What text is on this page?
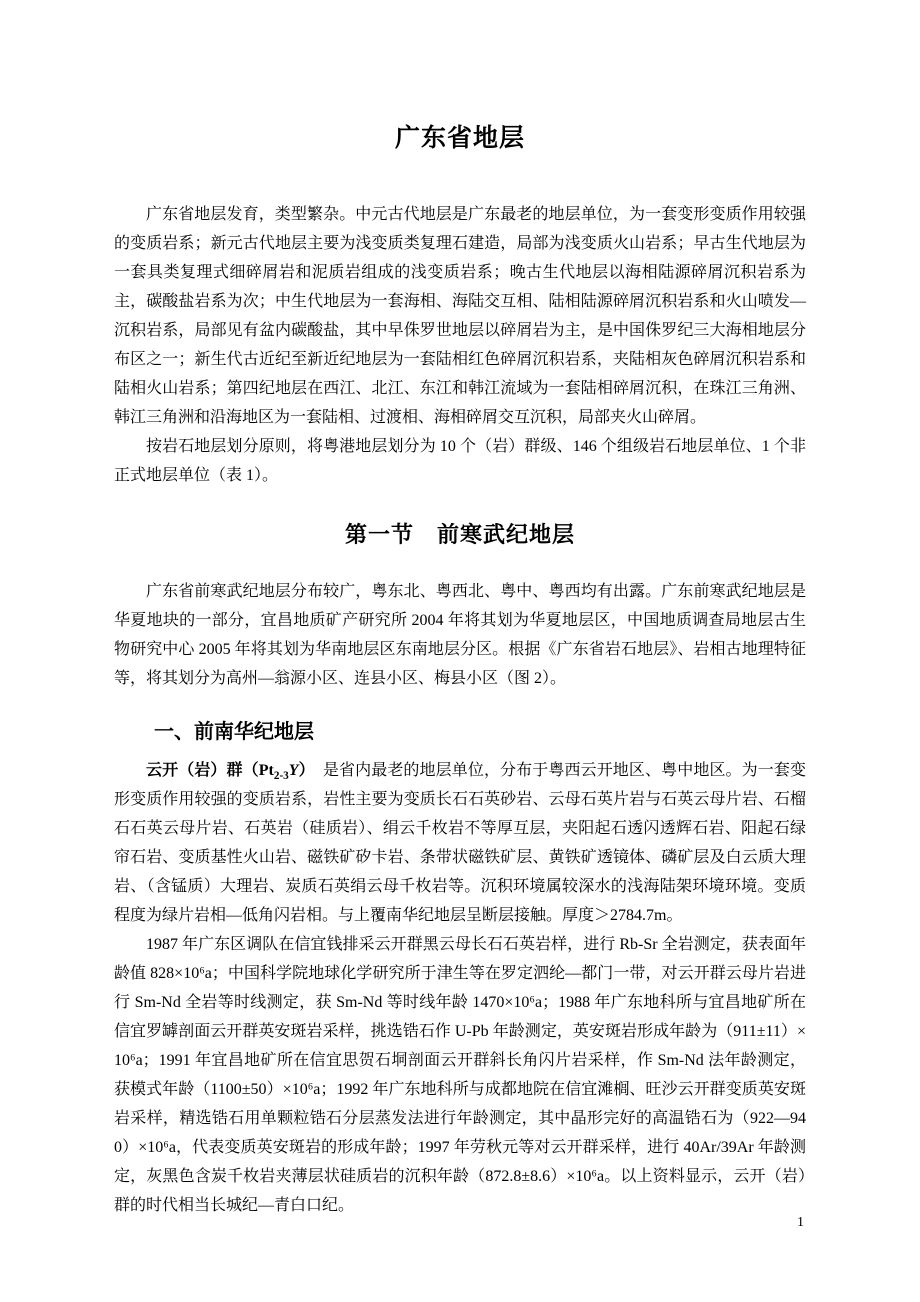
广东省地层

广东省地层发育，类型繁杂。中元古代地层是广东最老的地层单位，为一套变形变质作用较强的变质岩系；新元古代地层主要为浅变质类复理石建造，局部为浅变质火山岩系；早古生代地层为一套具类复理式细碎屑岩和泥质岩组成的浅变质岩系；晚古生代地层以海相陆源碎屑沉积岩系为主，碳酸盐岩系为次；中生代地层为一套海相、海陆交互相、陆相陆源碎屑沉积岩系和火山喷发—沉积岩系，局部见有盆内碳酸盐，其中早侏罗世地层以碎屑岩为主，是中国侏罗纪三大海相地层分布区之一；新生代古近纪至新近纪地层为一套陆相红色碎屑沉积岩系，夹陆相灰色碎屑沉积岩系和陆相火山岩系；第四纪地层在西江、北江、东江和韩江流域为一套陆相碎屑沉积，在珠江三角洲、韩江三角洲和沿海地区为一套陆相、过渡相、海相碎屑交互沉积，局部夹火山碎屑。

按岩石地层划分原则，将粤港地层划分为 10 个（岩）群级、146 个组级岩石地层单位、1 个非正式地层单位（表 1）。

第一节　前寒武纪地层

广东省前寒武纪地层分布较广，粤东北、粤西北、粤中、粤西均有出露。广东前寒武纪地层是华夏地块的一部分，宜昌地质矿产研究所 2004 年将其划为华夏地层区，中国地质调查局地层古生物研究中心 2005 年将其划为华南地层区东南地层分区。根据《广东省岩石地层》、岩相古地理特征等，将其划分为高州—翁源小区、连县小区、梅县小区（图 2）。

一、前南华纪地层

云开（岩）群$(Pt_{2-3}Y)$　是省内最老的地层单位，分布于粤西云开地区、粤中地区。为一套变形变质作用较强的变质岩系，岩性主要为变质长石石英砂岩、云母石英片岩与石英云母片岩、石榴石石英云母片岩、石英岩（硅质岩）、绢云千枚岩不等厚互层，夹阳起石透闪透辉石岩、阳起石绿帘石岩、变质基性火山岩、磁铁矿矽卡岩、条带状磁铁矿层、黄铁矿透镜体、磷矿层及白云质大理岩、（含锰质）大理岩、炭质石英绢云母千枚岩等。沉积环境属较深水的浅海陆架环境环境。变质程度为绿片岩相—低角闪岩相。与上覆南华纪地层呈断层接触。厚度＞2784.7m。

1987 年广东区调队在信宜钱排采云开群黑云母长石石英岩样，进行 Rb-Sr 全岩测定，获表面年龄值 828×10⁶a；中国科学院地球化学研究所于津生等在罗定泗纶—都门一带，对云开群云母片岩进行 Sm-Nd 全岩等时线测定，获 Sm-Nd 等时线年龄 1470×10⁶a；1988 年广东地科所与宜昌地矿所在信宜罗罅剖面云开群英安斑岩采样，挑选锆石作 U-Pb 年龄测定，英安斑岩形成年龄为（911±11）×10⁶a；1991 年宜昌地矿所在信宜思贺石垌剖面云开群斜长角闪片岩采样，作 Sm-Nd 法年龄测定，获模式年龄（1100±50）×10⁶a；1992 年广东地科所与成都地院在信宜滩榈、旺沙云开群变质英安斑岩采样，精选锆石用单颗粒锆石分层蒸发法进行年龄测定，其中晶形完好的高温锆石为（922—940）×10⁶a，代表变质英安斑岩的形成年龄；1997 年劳秋元等对云开群采样，进行 40Ar/39Ar 年龄测定，灰黑色含炭千枚岩夹薄层状硅质岩的沉积年龄（872.8±8.6）×10⁶a。以上资料显示，云开（岩）群的时代相当长城纪—青白口纪。

1
